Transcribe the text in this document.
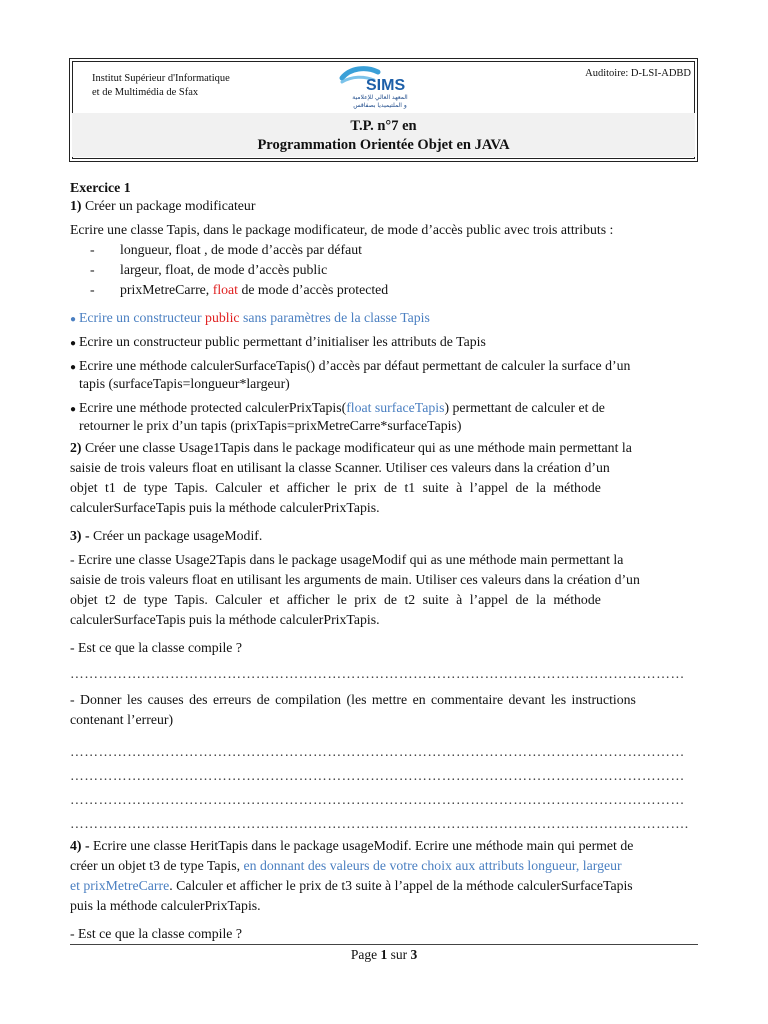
Institut Supérieur d'Informatique
et de Multimédia de Sfax	SIMS
المعهد العالي للإعلامية
و الملتيميديا بصفاقس
Auditoire: D-LSI-ADBD
T.P. n°7 en
Programmation Orientée Objet en JAVA
Exercice 1
1) Créer un package modificateur
Ecrire une classe Tapis, dans le package modificateur, de mode d’accès public avec trois attributs :
- longueur, float , de mode d’accès par défaut
- largeur, float, de mode d’accès public
- prixMetreCarre, float de mode d’accès protected
● Ecrire un constructeur public sans paramètres de la classe Tapis
● Ecrire un constructeur public permettant d’initialiser les attributs de Tapis
● Ecrire une méthode calculerSurfaceTapis() d’accès par défaut permettant de calculer la surface d’un
tapis (surfaceTapis=longueur*largeur)
● Ecrire une méthode protected calculerPrixTapis(float surfaceTapis) permettant de calculer et de
retourner le prix d’un tapis (prixTapis=prixMetreCarre*surfaceTapis)
2) Créer une classe Usage1Tapis dans le package modificateur qui as une méthode main permettant la
saisie de trois valeurs float en utilisant la classe Scanner. Utiliser ces valeurs dans la création d’un
objet t1 de type Tapis. Calculer et afficher le prix de t1 suite à l’appel de la méthode
calculerSurfaceTapis puis la méthode calculerPrixTapis.
3) - Créer un package usageModif.
- Ecrire une classe Usage2Tapis dans le package usageModif qui as une méthode main permettant la
saisie de trois valeurs float en utilisant les arguments de main. Utiliser ces valeurs dans la création d’un
objet t2 de type Tapis. Calculer et afficher le prix de t2 suite à l’appel de la méthode
calculerSurfaceTapis puis la méthode calculerPrixTapis.
- Est ce que la classe compile ?
…………………………………………………………………………………………………………………
- Donner les causes des erreurs de compilation (les mettre en commentaire devant les instructions
contenant l’erreur)
…………………………………………………………………………………………………………………
…………………………………………………………………………………………………………………
…………………………………………………………………………………………………………………
………………………………………………………………………………………………………………….
4) - Ecrire une classe HeritTapis dans le package usageModif. Ecrire une méthode main qui permet de
créer un objet t3 de type Tapis, en donnant des valeurs de votre choix aux attributs longueur, largeur
et prixMetreCarre. Calculer et afficher le prix de t3 suite à l’appel de la méthode calculerSurfaceTapis
puis la méthode calculerPrixTapis.
- Est ce que la classe compile ?
Page 1 sur 3
